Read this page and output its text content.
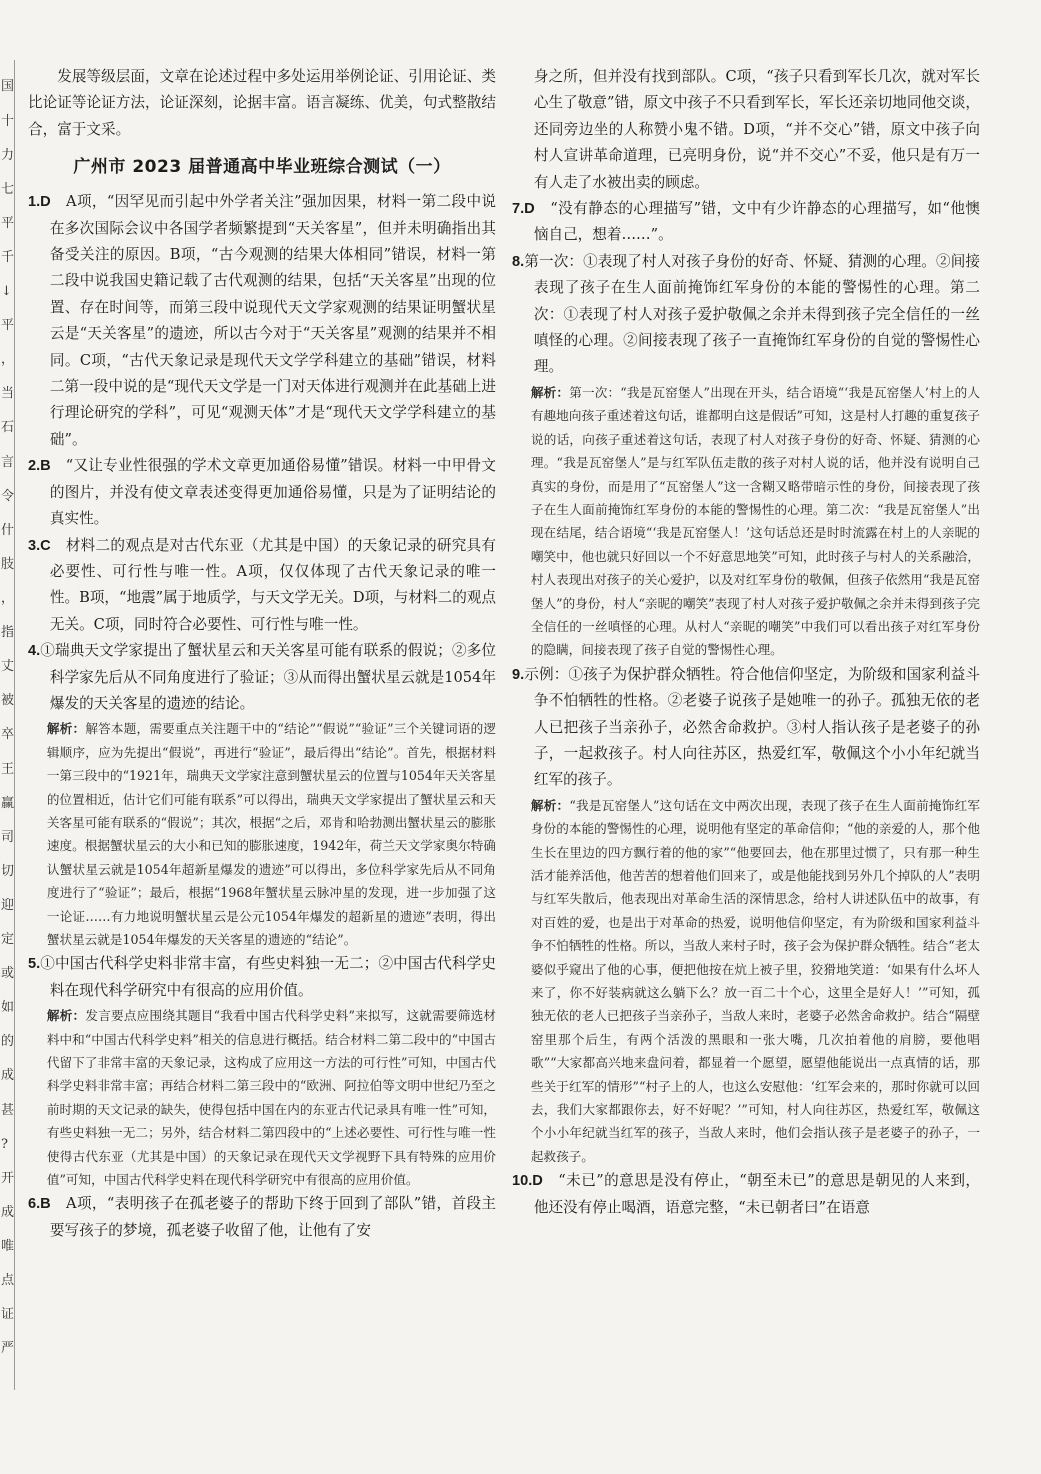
国
十
力
七
平
千
↓
平
，
当
石
言
令
什
肢
，
指
丈
被
卒
王
赢
司
切
迎
定
或
如
的
成
甚
?
开
成
唯
点
证
严

发展等级层面，文章在论述过程中多处运用举例论证、引用论证、类比论证等论证方法，论证深刻，论据丰富。语言凝练、优美，句式整散结合，富于文采。

广州市 2023 届普通高中毕业班综合测试（一）

1.D　 A项，“因罕见而引起中外学者关注”强加因果，材料一第二段中说在多次国际会议中各国学者频繁提到“天关客星”，但并未明确指出其备受关注的原因。B项，“古今观测的结果大体相同”错误，材料一第二段中说我国史籍记载了古代观测的结果，包括“天关客星”出现的位置、存在时间等，而第三段中说现代天文学家观测的结果证明蟹状星云是“天关客星”的遗迹，所以古今对于“天关客星”观测的结果并不相同。C项，“古代天象记录是现代天文学学科建立的基础”错误，材料二第一段中说的是“现代天文学是一门对天体进行观测并在此基础上进行理论研究的学科”，可见“观测天体”才是“现代天文学学科建立的基础”。

2.B　 “又让专业性很强的学术文章更加通俗易懂”错误。材料一中甲骨文的图片，并没有使文章表述变得更加通俗易懂，只是为了证明结论的真实性。

3.C　 材料二的观点是对古代东亚（尤其是中国）的天象记录的研究具有必要性、可行性与唯一性。A项，仅仅体现了古代天象记录的唯一性。B项，“地震”属于地质学，与天文学无关。D项，与材料二的观点无关。C项，同时符合必要性、可行性与唯一性。

4.①瑞典天文学家提出了蟹状星云和天关客星可能有联系的假说；②多位科学家先后从不同角度进行了验证；③从而得出蟹状星云就是1054年爆发的天关客星的遗迹的结论。

解析：解答本题，需要重点关注题干中的“结论”“假说”“验证”三个关键词语的逻辑顺序，应为先提出“假说”，再进行“验证”，最后得出“结论”。首先，根据材料一第三段中的“1921年，瑞典天文学家注意到蟹状星云的位置与1054年天关客星的位置相近，估计它们可能有联系”可以得出，瑞典天文学家提出了蟹状星云和天关客星可能有联系的“假说”；其次，根据“之后，邓肯和哈勃测出蟹状星云的膨胀速度。根据蟹状星云的大小和已知的膨胀速度，1942年，荷兰天文学家奥尔特确认蟹状星云就是1054年超新星爆发的遗迹”可以得出，多位科学家先后从不同角度进行了“验证”；最后，根据“1968年蟹状星云脉冲星的发现，进一步加强了这一论证……有力地说明蟹状星云是公元1054年爆发的超新星的遗迹”表明，得出蟹状星云就是1054年爆发的天关客星的遗迹的“结论”。

5.①中国古代科学史料非常丰富，有些史料独一无二；②中国古代科学史料在现代科学研究中有很高的应用价值。

解析：发言要点应围绕其题目“我看中国古代科学史料”来拟写，这就需要筛选材料中和“中国古代科学史料”相关的信息进行概括。结合材料二第二段中的“中国古代留下了非常丰富的天象记录，这构成了应用这一方法的可行性”可知，中国古代科学史料非常丰富；再结合材料二第三段中的“欧洲、阿拉伯等文明中世纪乃至之前时期的天文记录的缺失，使得包括中国在内的东亚古代记录具有唯一性”可知，有些史料独一无二；另外，结合材料二第四段中的“上述必要性、可行性与唯一性使得古代东亚（尤其是中国）的天象记录在现代天文学视野下具有特殊的应用价值”可知，中国古代科学史料在现代科学研究中有很高的应用价值。

6.B　 A项，“表明孩子在孤老婆子的帮助下终于回到了部队”错，首段主要写孩子的梦境，孤老婆子收留了他，让他有了安

身之所，但并没有找到部队。C项，“孩子只看到军长几次，就对军长心生了敬意”错，原文中孩子不只看到军长，军长还亲切地同他交谈，还同旁边坐的人称赞小鬼不错。D项，“并不交心”错，原文中孩子向村人宣讲革命道理，已亮明身份，说“并不交心”不妥，他只是有万一有人走了水被出卖的顾虑。

7.D　 “没有静态的心理描写”错，文中有少许静态的心理描写，如“他懊恼自己，想着……”。

8.第一次：①表现了村人对孩子身份的好奇、怀疑、猜测的心理。②间接表现了孩子在生人面前掩饰红军身份的本能的警惕性的心理。第二次：①表现了村人对孩子爱护敬佩之余并未得到孩子完全信任的一丝嗔怪的心理。②间接表现了孩子一直掩饰红军身份的自觉的警惕性心理。

解析：第一次：“我是瓦窑堡人”出现在开头，结合语境“‘我是瓦窑堡人’村上的人有趣地向孩子重述着这句话，谁都明白这是假话”可知，这是村人打趣的重复孩子说的话，向孩子重述着这句话，表现了村人对孩子身份的好奇、怀疑、猜测的心理。“我是瓦窑堡人”是与红军队伍走散的孩子对村人说的话，他并没有说明自己真实的身份，而是用了“瓦窑堡人”这一含糊又略带暗示性的身份，间接表现了孩子在生人面前掩饰红军身份的本能的警惕性的心理。第二次：“我是瓦窑堡人”出现在结尾，结合语境“‘我是瓦窑堡人！’这句话总还是时时流露在村上的人亲昵的嘲笑中，他也就只好回以一个不好意思地笑”可知，此时孩子与村人的关系融洽，村人表现出对孩子的关心爱护，以及对红军身份的敬佩，但孩子依然用“我是瓦窑堡人”的身份，村人“亲昵的嘲笑”表现了村人对孩子爱护敬佩之余并未得到孩子完全信任的一丝嗔怪的心理。从村人“亲昵的嘲笑”中我们可以看出孩子对红军身份的隐瞒，间接表现了孩子自觉的警惕性心理。

9.示例：①孩子为保护群众牺牲。符合他信仰坚定，为阶级和国家利益斗争不怕牺牲的性格。②老婆子说孩子是她唯一的孙子。孤独无依的老人已把孩子当亲孙子，必然舍命救护。③村人指认孩子是老婆子的孙子，一起救孩子。村人向往苏区，热爱红军，敬佩这个小小年纪就当红军的孩子。

解析：“我是瓦窑堡人”这句话在文中两次出现，表现了孩子在生人面前掩饰红军身份的本能的警惕性的心理，说明他有坚定的革命信仰；“他的亲爱的人，那个他生长在里边的四方飘行着的他的家”“他要回去，他在那里过惯了，只有那一种生活才能养活他，他苦苦的想着他们回来了，或是他能找到另外几个掉队的人”表明与红军失散后，他表现出对革命生活的深情思念，给村人讲述队伍中的故事，有对百姓的爱，也是出于对革命的热爱，说明他信仰坚定，有为阶级和国家利益斗争不怕牺牲的性格。所以，当敌人来村子时，孩子会为保护群众牺牲。结合“老太婆似乎窥出了他的心事，便把他按在炕上被子里，狡猾地笑道：‘如果有什么坏人来了，你不好装病就这么躺下么？放一百二十个心，这里全是好人！’”可知，孤独无依的老人已把孩子当亲孙子，当敌人来时，老婆子必然舍命救护。结合“隔壁窑里那个后生，有两个活泼的黑眼和一张大嘴，几次拍着他的肩膀，要他唱歌”“大家都高兴地来盘问着，都显着一个愿望，愿望他能说出一点真情的话，那些关于红军的情形”“村子上的人，也这么安慰他：‘红军会来的，那时你就可以回去，我们大家都跟你去，好不好呢？’”可知，村人向往苏区，热爱红军，敬佩这个小小年纪就当红军的孩子，当敌人来时，他们会指认孩子是老婆子的孙子，一起救孩子。

10.D　 “未已”的意思是没有停止，“朝至未已”的意思是朝见的人来到，他还没有停止喝酒，语意完整，“未已朝者曰”在语意
